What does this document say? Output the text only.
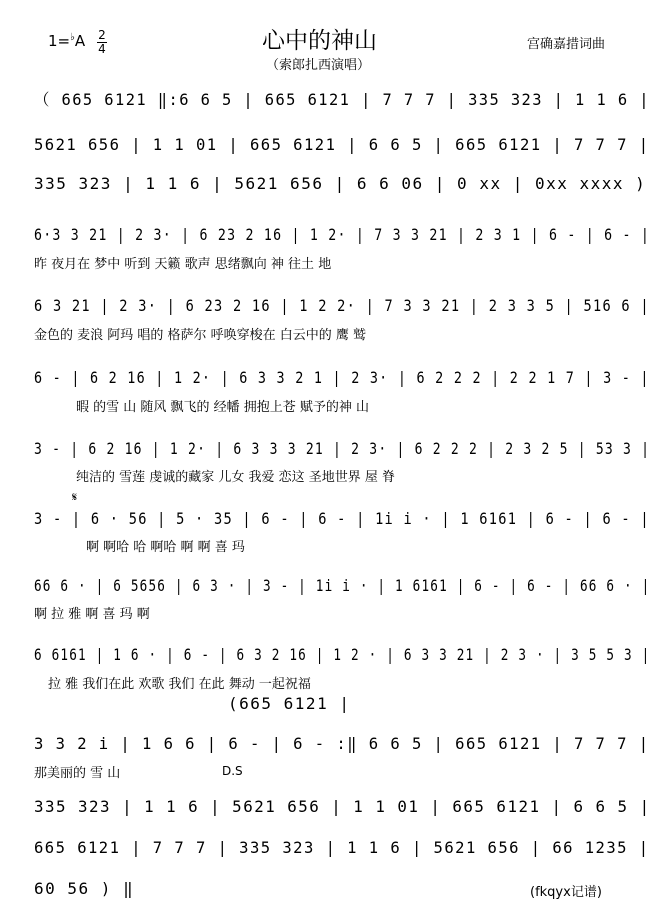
1=♭A 2
4	心中的神山
（索郎扎西演唱）
宫确嘉措词曲
（ 665 6121 ‖:6 6 5 | 665 6121 | 7 7 7 | 335 323 | 1 1 6 |
5621 656 | 1 1 01 | 665 6121 | 6 6 5 | 665 6121 | 7 7 7 |
335 323 | 1 1 6 | 5621 656 | 6 6 06 | 0 xx | 0xx xxxx )
6·3 3 21 | 2 3· | 6 23 2 16 | 1 2· | 7 3 3 21 | 2 3 1 | 6 - | 6 - |
昨 夜月在 梦中 听到 天籁 歌声 思绪飘向 神 往土 地
6 3 21 | 2 3· | 6 23 2 16 | 1 2 2· | 7 3 3 21 | 2 3 3 5 | 516 6 |
金色的 麦浪 阿玛 唱的 格萨尔 呼唤穿梭在 白云中的 鹰 鹫
6 - | 6 2 16 | 1 2· | 6 3 3 2 1 | 2 3· | 6 2 2 2 | 2 2 1 7 | 3 - |
暇 的雪 山 随风 飘飞的 经幡 拥抱上苍 赋予的神 山
3 - | 6 2 16 | 1 2· | 6 3 3 3 21 | 2 3· | 6 2 2 2 | 2 3 2 5 | 53 3 |
纯洁的 雪莲 虔诚的藏家 儿女 我爱 恋这 圣地世界 屋 脊
𝄋
3 - | 6 · 56 | 5 · 35 | 6 - | 6 - | 1i i · | 1 6161 | 6 - | 6 - |
啊 啊哈 哈 啊哈 啊 啊 喜 玛
66 6 · | 6 5656 | 6 3 · | 3 - | 1i i · | 1 6161 | 6 - | 6 - | 66 6 · |
啊 拉 雅 啊 喜 玛 啊
6 6161 | 1 6 · | 6 - | 6 3 2 16 | 1 2 · | 6 3 3 21 | 2 3 · | 3 5 5 3 |
拉 雅 我们在此 欢歌 我们 在此 舞动 一起祝福
(665 6121 |
3 3 2 i | 1 6 6 | 6 - | 6 - :‖ 6 6 5 | 665 6121 | 7 7 7 |
那美丽的 雪 山	D.S
335 323 | 1 1 6 | 5621 656 | 1 1 01 | 665 6121 | 6 6 5 |
665 6121 | 7 7 7 | 335 323 | 1 1 6 | 5621 656 | 66 1235 |
60 56 ) ‖	(fkqyx记谱)
